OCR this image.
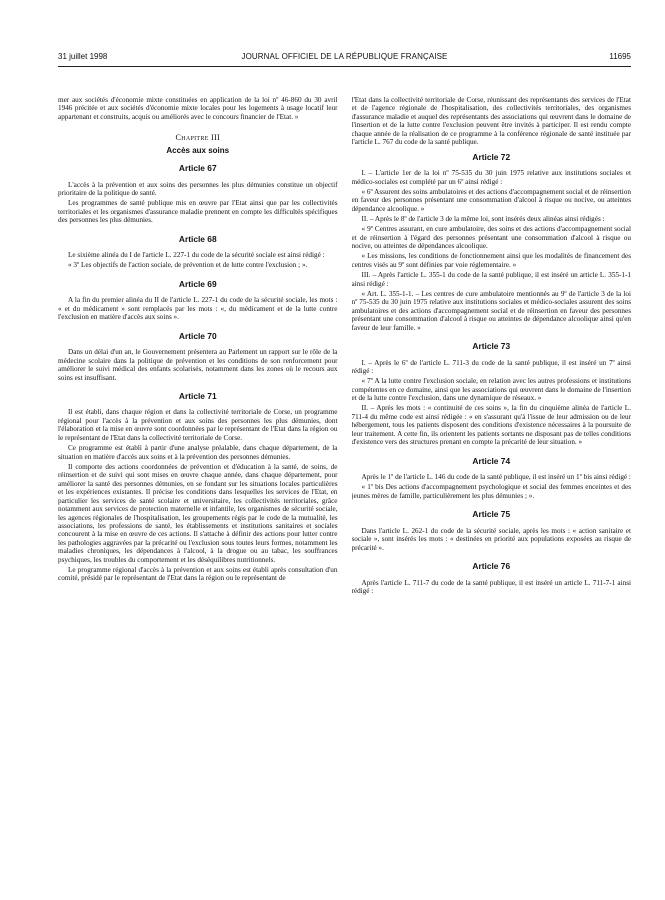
31 juillet 1998	JOURNAL OFFICIEL DE LA RÉPUBLIQUE FRANÇAISE	11695

mer aux sociétés d'économie mixte constituées en application de la loi nº 46-860 du 30 avril 1946 précitée et aux sociétés d'économie mixte locales pour les logements à usage locatif leur appartenant et construits, acquis ou améliorés avec le concours financier de l'Etat. »

Chapitre III
Accès aux soins
Article 67

L'accès à la prévention et aux soins des personnes les plus démunies constitue un objectif prioritaire de la politique de santé.

Les programmes de santé publique mis en œuvre par l'Etat ainsi que par les collectivités territoriales et les organismes d'assurance maladie prennent en compte les difficultés spécifiques des personnes les plus démunies.

Article 68

Le sixième alinéa du I de l'article L. 227-1 du code de la sécurité sociale est ainsi rédigé :

« 3º Les objectifs de l'action sociale, de prévention et de lutte contre l'exclusion ; ».

Article 69

A la fin du premier alinéa du II de l'article L. 227-1 du code de la sécurité sociale, les mots : « et du médicament » sont remplacés par les mots : «, du médicament et de la lutte contre l'exclusion en matière d'accès aux soins ».

Article 70

Dans un délai d'un an, le Gouvernement présentera au Parlement un rapport sur le rôle de la médecine scolaire dans la politique de prévention et les conditions de son renforcement pour améliorer le suivi médical des enfants scolarisés, notamment dans les zones où le recours aux soins est insuffisant.

Article 71

Il est établi, dans chaque région et dans la collectivité territoriale de Corse, un programme régional pour l'accès à la prévention et aux soins des personnes les plus démunies, dont l'élaboration et la mise en œuvre sont coordonnées par le représentant de l'Etat dans la région ou le représentant de l'Etat dans la collectivité territoriale de Corse.

Ce programme est établi à partir d'une analyse préalable, dans chaque département, de la situation en matière d'accès aux soins et à la prévention des personnes démunies.

Il comporte des actions coordonnées de prévention et d'éducation à la santé, de soins, de réinsertion et de suivi qui sont mises en œuvre chaque année, dans chaque département, pour améliorer la santé des personnes démunies, en se fondant sur les situations locales particulières et les expériences existantes. Il précise les conditions dans lesquelles les services de l'Etat, en particulier les services de santé scolaire et universitaire, les collectivités territoriales, grâce notamment aux services de protection maternelle et infantile, les organismes de sécurité sociale, les agences régionales de l'hospitalisation, les groupements régis par le code de la mutualité, les associations, les professions de santé, les établissements et institutions sanitaires et sociales concourent à la mise en œuvre de ces actions. Il s'attache à définir des actions pour lutter contre les pathologies aggravées par la précarité ou l'exclusion sous toutes leurs formes, notamment les maladies chroniques, les dépendances à l'alcool, à la drogue ou au tabac, les souffrances psychiques, les troubles du comportement et les déséquilibres nutritionnels.

Le programme régional d'accès à la prévention et aux soins est établi après consultation d'un comité, présidé par le représentant de l'Etat dans la région ou le représentant de

l'Etat dans la collectivité territoriale de Corse, réunissant des représentants des services de l'Etat et de l'agence régionale de l'hospitalisation, des collectivités territoriales, des organismes d'assurance maladie et auquel des représentants des associations qui œuvrent dans le domaine de l'insertion et de la lutte contre l'exclusion peuvent être invités à participer. Il est rendu compte chaque année de la réalisation de ce programme à la conférence régionale de santé instituée par l'article L. 767 du code de la santé publique.

Article 72

I. – L'article 1er de la loi nº 75-535 du 30 juin 1975 relative aux institutions sociales et médico-sociales est complété par un 6º ainsi rédigé :

« 6º Assurent des soins ambulatoires et des actions d'accompagnement social et de réinsertion en faveur des personnes présentant une consommation d'alcool à risque ou nocive, ou atteintes dépendance alcoolique. »

II. – Après le 8º de l'article 3 de la même loi, sont insérés deux alinéas ainsi rédigés :

« 9º Centres assurant, en cure ambulatoire, des soins et des actions d'accompagnement social et de réinsertion à l'égard des personnes présentant une consommation d'alcool à risque ou nocive, ou atteintes de dépendances alcoolique.

« Les missions, les conditions de fonctionnement ainsi que les modalités de financement des centres visés au 9º sont définies par voie réglementaire. »

III. – Après l'article L. 355-1 du code de la santé publique, il est inséré un article L. 355-1-1 ainsi rédigé :

« Art. L. 355-1-1. – Les centres de cure ambulatoire mentionnés au 9º de l'article 3 de la loi nº 75-535 du 30 juin 1975 relative aux institutions sociales et médico-sociales assurent des soins ambulatoires et des actions d'accompagnement social et de réinsertion en faveur des personnes présentant une consommation d'alcool à risque ou atteintes de dépendance alcoolique ainsi qu'en faveur de leur famille. »

Article 73

I. – Après le 6º de l'article L. 711-3 du code de la santé publique, il est inséré un 7º ainsi rédigé :

« 7º A la lutte contre l'exclusion sociale, en relation avec les autres professions et institutions compétentes en ce domaine, ainsi que les associations qui œuvrent dans le domaine de l'insertion et de la lutte contre l'exclusion, dans une dynamique de réseaux. »

II. – Après les mots : « continuité de ces soins », la fin du cinquième alinéa de l'article L. 711-4 du même code est ainsi rédigée : « en s'assurant qu'à l'issue de leur admission ou de leur hébergement, tous les patients disposent des conditions d'existence nécessaires à la poursuite de leur traitement. A cette fin, ils orientent les patients sortants ne disposant pas de telles conditions d'existence vers des structures prenant en compte la précarité de leur situation. »

Article 74

Après le 1º de l'article L. 146 du code de la santé publique, il est inséré un 1º bis ainsi rédigé :

« 1º bis Des actions d'accompagnement psychologique et social des femmes enceintes et des jeunes mères de famille, particulièrement les plus démunies ; ».

Article 75

Dans l'article L. 262-1 du code de la sécurité sociale, après les mots : « action sanitaire et sociale », sont insérés les mots : « destinées en priorité aux populations exposées au risque de précarité ».

Article 76

Après l'article L. 711-7 du code de la santé publique, il est inséré un article L. 711-7-1 ainsi rédigé :
